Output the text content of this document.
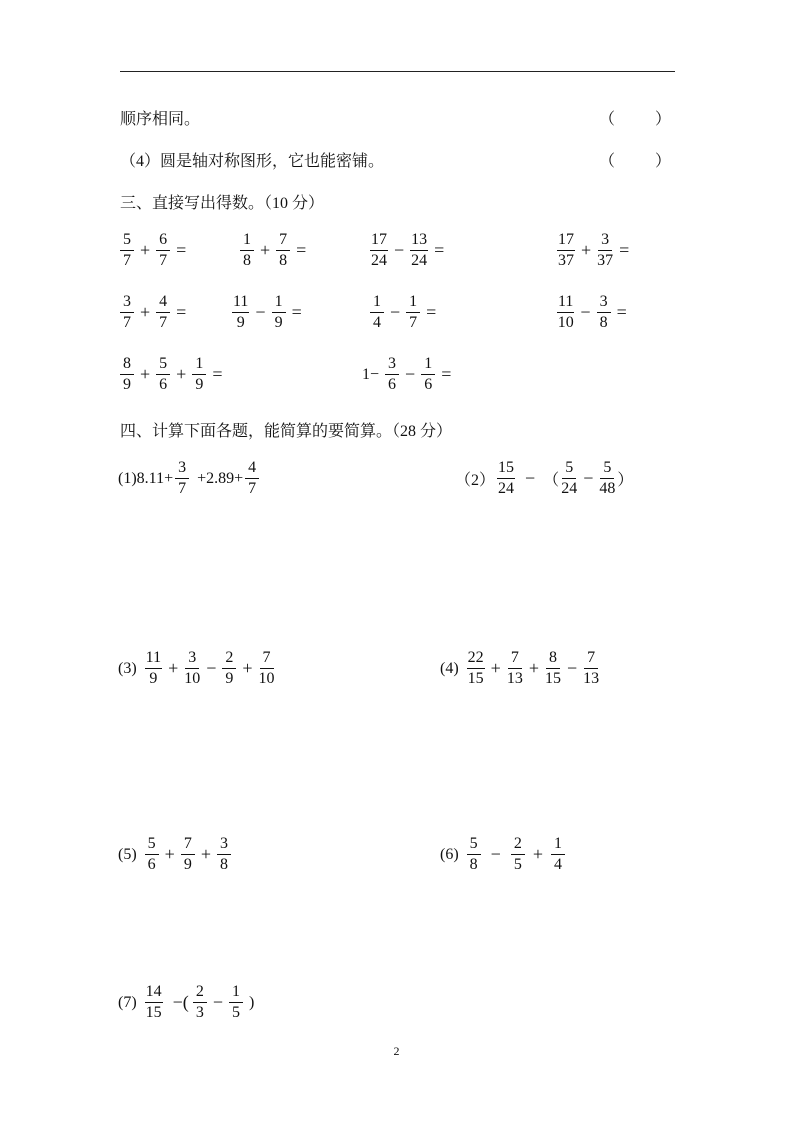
顺序相同。	（	）
（4）圆是轴对称图形，它也能密铺。	（	）
三、直接写出得数。（10 分）
$\frac{5}{7} + \frac{6}{7}$ =	$\frac{1}{8} + \frac{7}{8}$ =	$\frac{17}{24} - \frac{13}{24}$ =	$\frac{17}{37} + \frac{3}{37}$ =
$\frac{3}{7} + \frac{4}{7}$ =	$\frac{11}{9} - \frac{1}{9}$ =	$\frac{1}{4} - \frac{1}{7}$ =	$\frac{11}{10} - \frac{3}{8}$ =
$\frac{8}{9} + \frac{5}{6} + \frac{1}{9}$ =	$1- \frac{3}{6} - \frac{1}{6}$ =
四、计算下面各题，能简算的要简算。（28 分）
$(1)8.11+ \frac{3}{7} +2.89+ \frac{4}{7}$	$(2) \frac{15}{24}$ − （ $\frac{5}{24} - \frac{5}{48}$ ）
$(3) \frac{11}{9} + \frac{3}{10} - \frac{2}{9} + \frac{7}{10}$	$(4) \frac{22}{15} + \frac{7}{13} + \frac{8}{15} - \frac{7}{13}$
$(5) \frac{5}{6} + \frac{7}{9} + \frac{3}{8}$	$(6) \frac{5}{8} - \frac{2}{5} + \frac{1}{4}$
$(7) \frac{14}{15}$ −( $\frac{2}{3} - \frac{1}{5}$ )
2
